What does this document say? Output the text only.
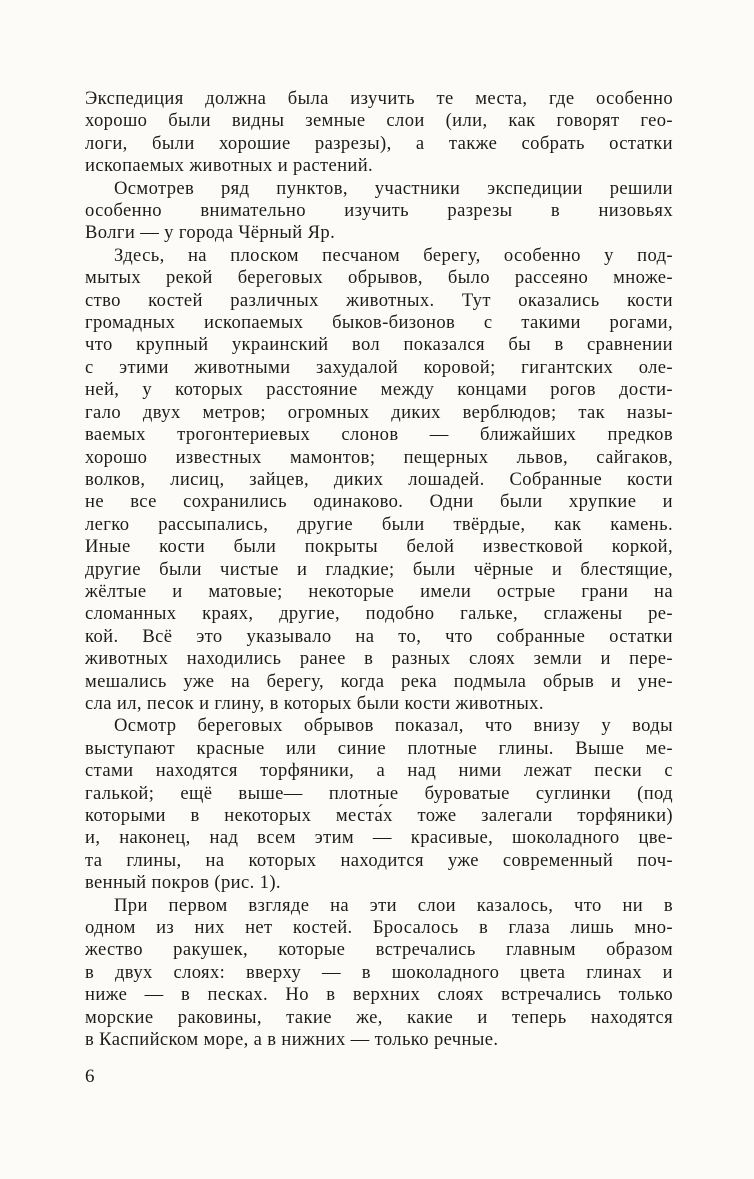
Экспедиция должна была изучить те места, где особенно
хорошо были видны земные слои (или, как говорят гео-
логи, были хорошие разрезы), а также собрать остатки
ископаемых животных и растений.
Осмотрев ряд пунктов, участники экспедиции решили
особенно внимательно изучить разрезы в низовьях
Волги — у города Чёрный Яр.
Здесь, на плоском песчаном берегу, особенно у под-
мытых рекой береговых обрывов, было рассеяно множе-
ство костей различных животных. Тут оказались кости
громадных ископаемых быков-бизонов с такими рогами,
что крупный украинский вол показался бы в сравнении
с этими животными захудалой коровой; гигантских оле-
ней, у которых расстояние между концами рогов дости-
гало двух метров; огромных диких верблюдов; так назы-
ваемых трогонтериевых слонов — ближайших предков
хорошо известных мамонтов; пещерных львов, сайгаков,
волков, лисиц, зайцев, диких лошадей. Собранные кости
не все сохранились одинаково. Одни были хрупкие и
легко рассыпались, другие были твёрдые, как камень.
Иные кости были покрыты белой известковой коркой,
другие были чистые и гладкие; были чёрные и блестящие,
жёлтые и матовые; некоторые имели острые грани на
сломанных краях, другие, подобно гальке, сглажены ре-
кой. Всё это указывало на то, что собранные остатки
животных находились ранее в разных слоях земли и пере-
мешались уже на берегу, когда река подмыла обрыв и уне-
сла ил, песок и глину, в которых были кости животных.
Осмотр береговых обрывов показал, что внизу у воды
выступают красные или синие плотные глины. Выше ме-
стами находятся торфяники, а над ними лежат пески с
галькой; ещё выше— плотные буроватые суглинки (под
которыми в некоторых места́х тоже залегали торфяники)
и, наконец, над всем этим — красивые, шоколадного цве-
та глины, на которых находится уже современный поч-
венный покров (рис. 1).
При первом взгляде на эти слои казалось, что ни в
одном из них нет костей. Бросалось в глаза лишь мно-
жество ракушек, которые встречались главным образом
в двух слоях: вверху — в шоколадного цвета глинах и
ниже — в песках. Но в верхних слоях встречались только
морские раковины, такие же, какие и теперь находятся
в Каспийском море, а в нижних — только речные.
6
